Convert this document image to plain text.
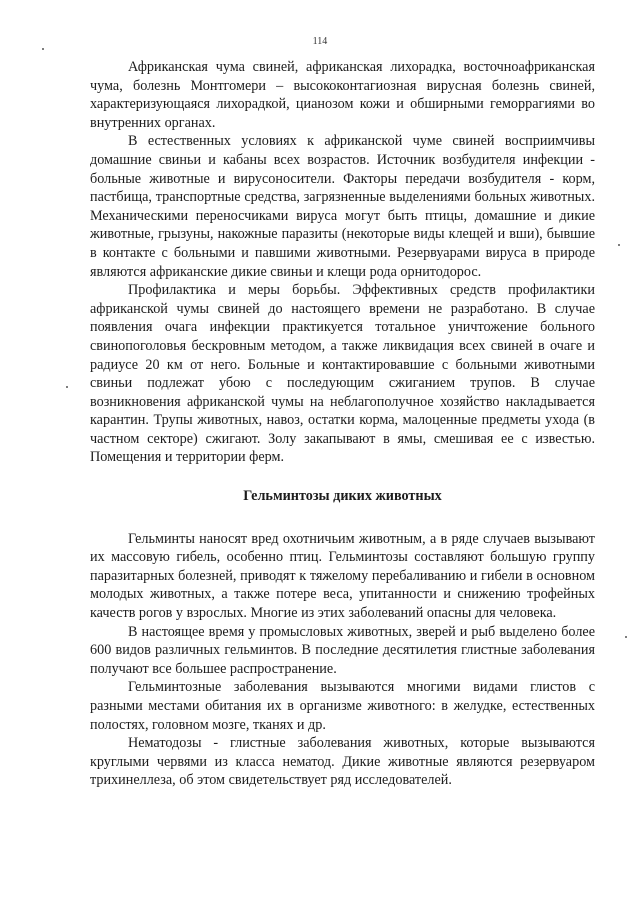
114

Африканская чума свиней, африканская лихорадка, восточноафриканская чума, болезнь Монтгомери – высококонтагиозная вирусная болезнь свиней, характеризующаяся лихорадкой, цианозом кожи и обширными геморрагиями во внутренних органах.

В естественных условиях к африканской чуме свиней восприимчивы домашние свиньи и кабаны всех возрастов. Источник возбудителя инфекции - больные животные и вирусоносители. Факторы передачи возбудителя - корм, пастбища, транспортные средства, загрязненные выделениями больных животных. Механическими переносчиками вируса могут быть птицы, домашние и дикие животные, грызуны, накожные паразиты (некоторые виды клещей и вши), бывшие в контакте с больными и павшими животными. Резервуарами вируса в природе являются африканские дикие свиньи и клещи рода орнитодорос.

Профилактика и меры борьбы. Эффективных средств профилактики африканской чумы свиней до настоящего времени не разработано. В случае появления очага инфекции практикуется тотальное уничтожение больного свинопоголовья бескровным методом, а также ликвидация всех свиней в очаге и радиусе 20 км от него. Больные и контактировавшие с больными животными свиньи подлежат убою с последующим сжиганием трупов. В случае возникновения африканской чумы на неблагополучное хозяйство накладывается карантин. Трупы животных, навоз, остатки корма, малоценные предметы ухода (в частном секторе) сжигают. Золу закапывают в ямы, смешивая ее с известью. Помещения и территории ферм.

Гельминтозы диких животных

Гельминты наносят вред охотничьим животным, а в ряде случаев вызывают их массовую гибель, особенно птиц. Гельминтозы составляют большую группу паразитарных болезней, приводят к тяжелому перебаливанию и гибели в основном молодых животных, а также потере веса, упитанности и снижению трофейных качеств рогов у взрослых. Многие из этих заболеваний опасны для человека.

В настоящее время у промысловых животных, зверей и рыб выделено более 600 видов различных гельминтов. В последние десятилетия глистные заболевания получают все большее распространение.

Гельминтозные заболевания вызываются многими видами глистов с разными местами обитания их в организме животного: в желудке, естественных полостях, головном мозге, тканях и др.

Нематодозы - глистные заболевания животных, которые вызываются круглыми червями из класса нематод. Дикие животные являются резервуаром трихинеллеза, об этом свидетельствует ряд исследователей.
